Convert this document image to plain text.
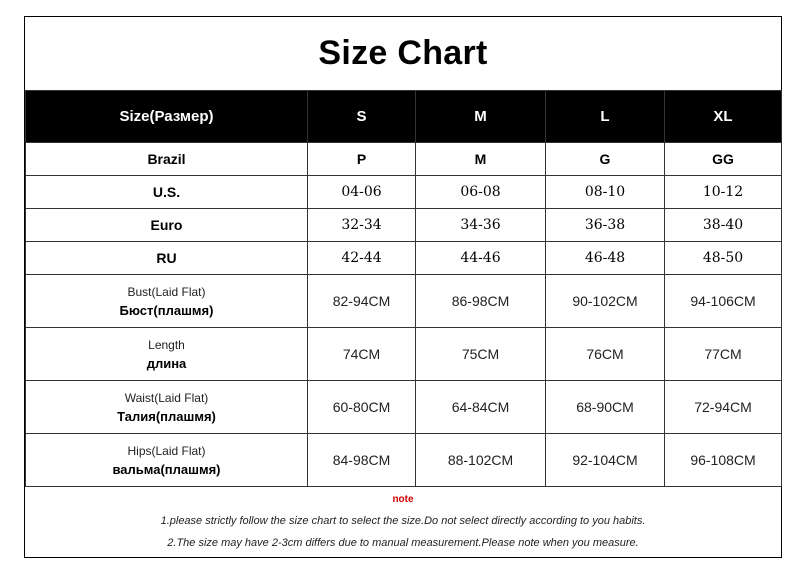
Size Chart
Size(Размер)	S	M	L	XL
Brazil	P	M	G	GG
U.S.	04-06	06-08	08-10	10-12
Euro	32-34	34-36	36-38	38-40
RU	42-44	44-46	46-48	48-50

Bust(Laid Flat)
Бюст(плашмя)	82-94CM	86-98CM	90-102CM	94-106CM

Length
длина	74CM	75CM	76CM	77CM

Waist(Laid Flat)
Талия(плашмя)	60-80CM	64-84CM	68-90CM	72-94CM

Hips(Laid Flat)
вальма(плашмя)	84-98CM	88-102CM	92-104CM	96-108CM
note
1.please strictly follow the size chart to select the size.Do not select directly according to you habits.
2.The size may have 2-3cm differs due to manual measurement.Please note when you measure.
